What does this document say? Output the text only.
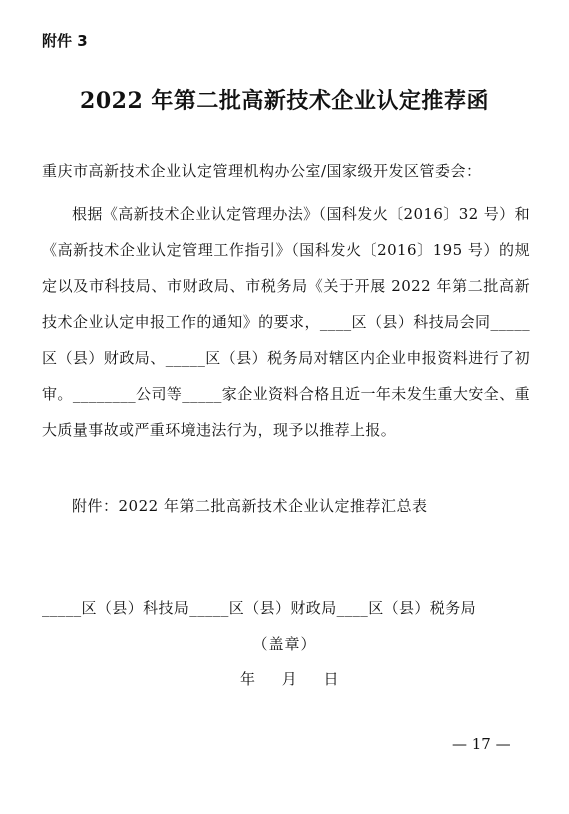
附件 3
2022 年第二批高新技术企业认定推荐函
重庆市高新技术企业认定管理机构办公室/国家级开发区管委会：

根据《高新技术企业认定管理办法》（国科发火〔2016〕32 号）和《高新技术企业认定管理工作指引》（国科发火〔2016〕195 号）的规定以及市科技局、市财政局、市税务局《关于开展 2022 年第二批高新技术企业认定申报工作的通知》的要求，____区（县）科技局会同_____区（县）财政局、_____区（县）税务局对辖区内企业申报资料进行了初审。________公司等_____家企业资料合格且近一年未发生重大安全、重大质量事故或严重环境违法行为，现予以推荐上报。

附件：2022 年第二批高新技术企业认定推荐汇总表
_____区（县）科技局_____区（县）财政局____区（县）税务局
（盖章）
年 月 日
— 17 —
